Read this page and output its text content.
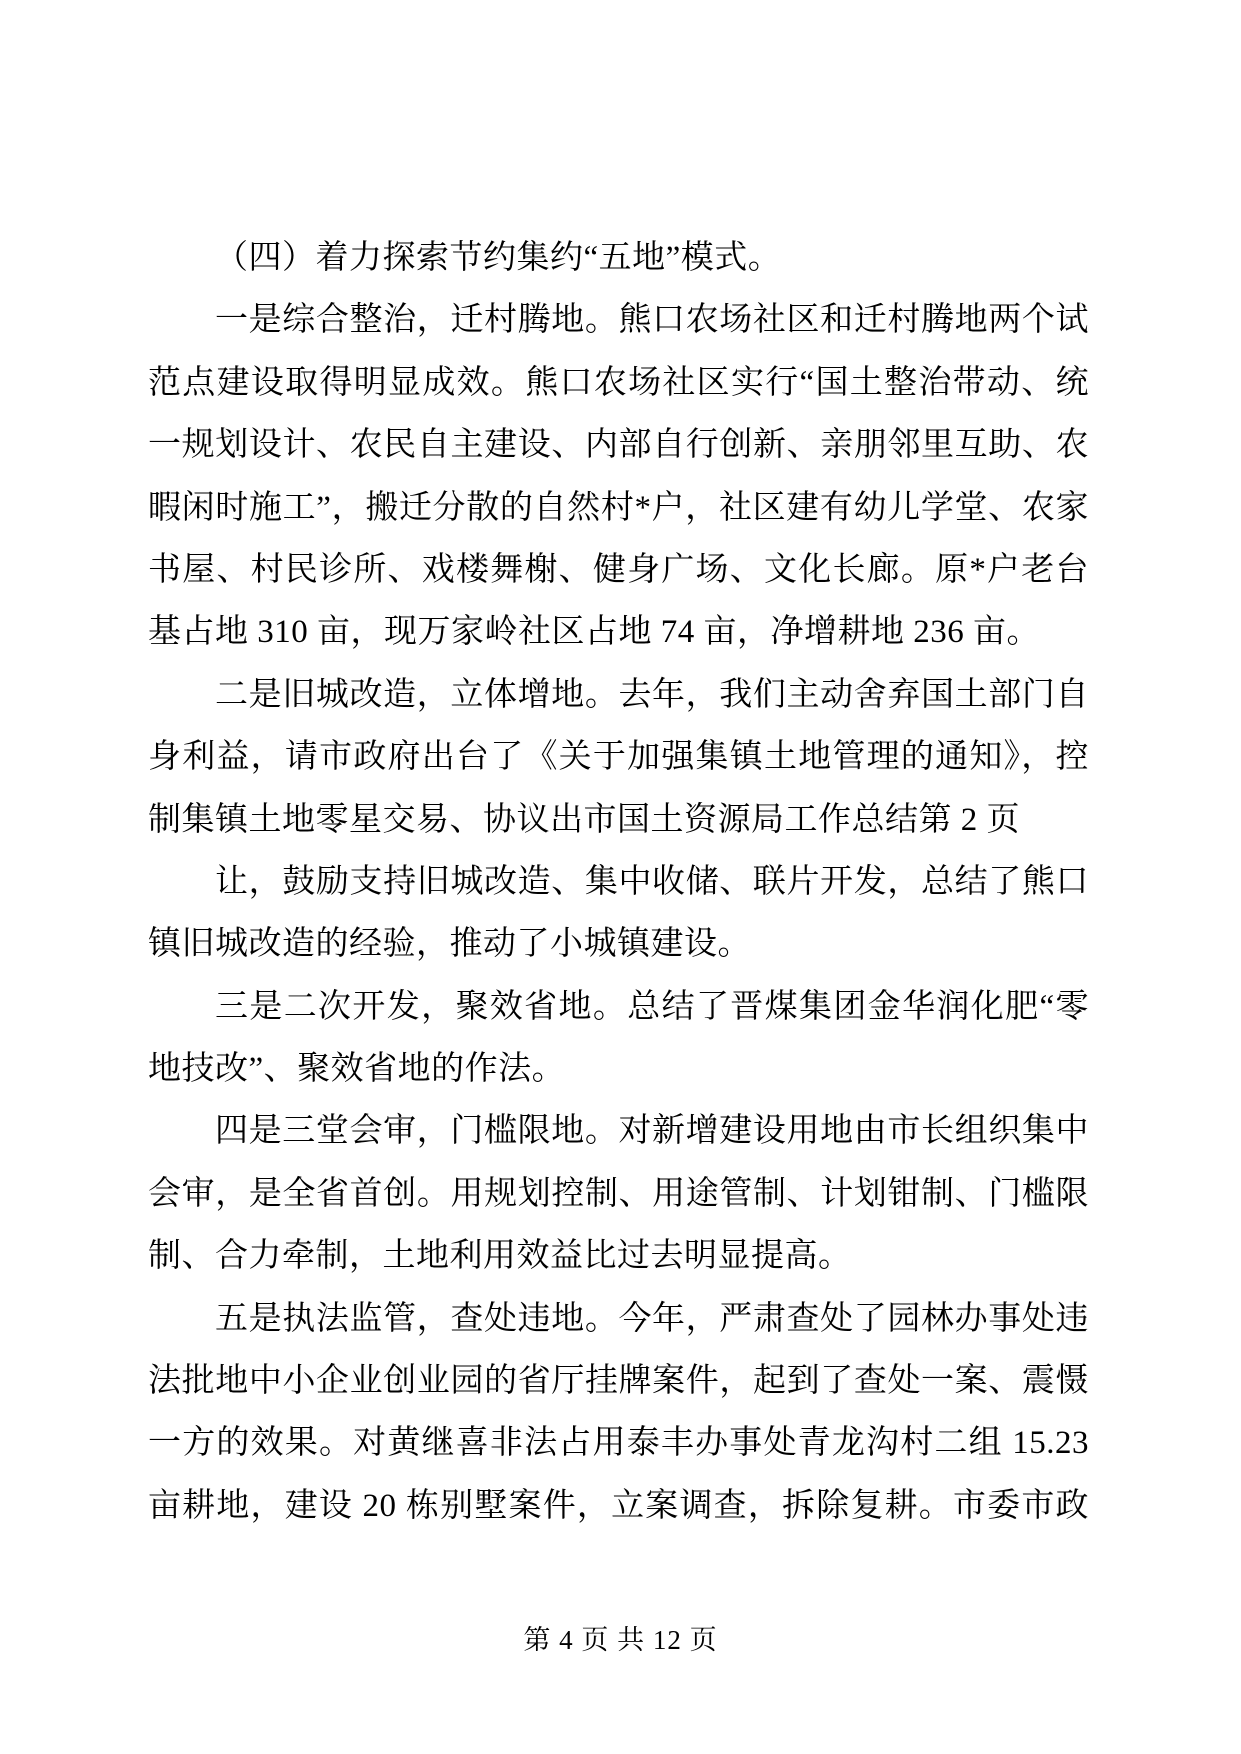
（四）着力探索节约集约“五地”模式。
一是综合整治，迁村腾地。熊口农场社区和迁村腾地两个试
范点建设取得明显成效。熊口农场社区实行“国土整治带动、统
一规划设计、农民自主建设、内部自行创新、亲朋邻里互助、农
暇闲时施工”，搬迁分散的自然村*户，社区建有幼儿学堂、农家
书屋、村民诊所、戏楼舞榭、健身广场、文化长廊。原*户老台
基占地 310 亩，现万家岭社区占地 74 亩，净增耕地 236 亩。
二是旧城改造，立体增地。去年，我们主动舍弃国土部门自
身利益，请市政府出台了《关于加强集镇土地管理的通知》，控
制集镇土地零星交易、协议出市国土资源局工作总结第 2 页
让，鼓励支持旧城改造、集中收储、联片开发，总结了熊口
镇旧城改造的经验，推动了小城镇建设。
三是二次开发，聚效省地。总结了晋煤集团金华润化肥“零
地技改”、聚效省地的作法。
四是三堂会审，门槛限地。对新增建设用地由市长组织集中
会审，是全省首创。用规划控制、用途管制、计划钳制、门槛限
制、合力牵制，土地利用效益比过去明显提高。
五是执法监管，查处违地。今年，严肃查处了园林办事处违
法批地中小企业创业园的省厅挂牌案件，起到了查处一案、震慑
一方的效果。对黄继喜非法占用泰丰办事处青龙沟村二组 15.23
亩耕地，建设 20 栋别墅案件，立案调查，拆除复耕。市委市政
第 4 页 共 12 页
